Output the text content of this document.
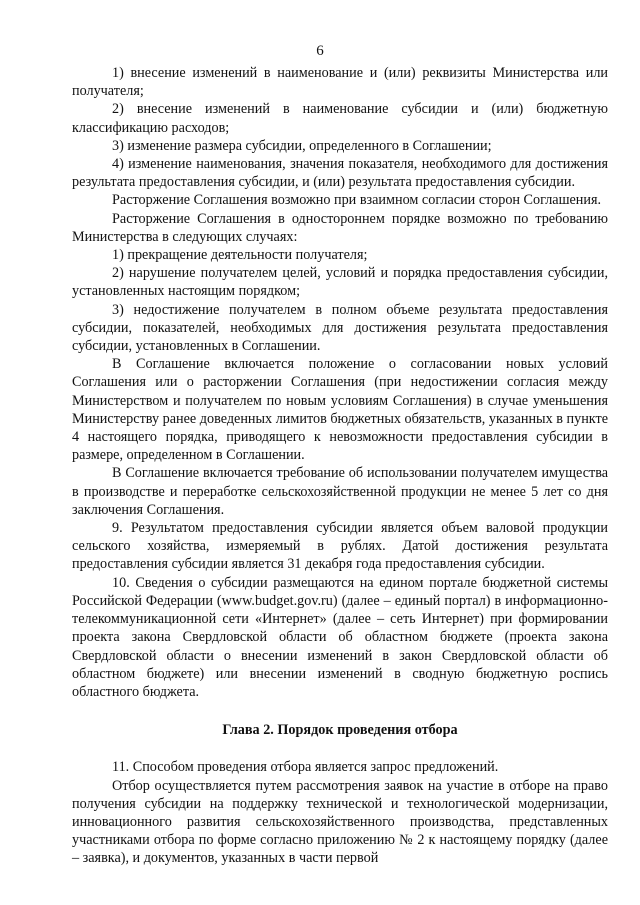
6

1) внесение изменений в наименование и (или) реквизиты Министерства или получателя;

2) внесение изменений в наименование субсидии и (или) бюджетную классификацию расходов;

3) изменение размера субсидии, определенного в Соглашении;

4) изменение наименования, значения показателя, необходимого для достижения результата предоставления субсидии, и (или) результата предоставления субсидии.

Расторжение Соглашения возможно при взаимном согласии сторон Соглашения.

Расторжение Соглашения в одностороннем порядке возможно по требованию Министерства в следующих случаях:

1) прекращение деятельности получателя;

2) нарушение получателем целей, условий и порядка предоставления субсидии, установленных настоящим порядком;

3) недостижение получателем в полном объеме результата предоставления субсидии, показателей, необходимых для достижения результата предоставления субсидии, установленных в Соглашении.

В Соглашение включается положение о согласовании новых условий Соглашения или о расторжении Соглашения (при недостижении согласия между Министерством и получателем по новым условиям Соглашения) в случае уменьшения Министерству ранее доведенных лимитов бюджетных обязательств, указанных в пункте 4 настоящего порядка, приводящего к невозможности предоставления субсидии в размере, определенном в Соглашении.

В Соглашение включается требование об использовании получателем имущества в производстве и переработке сельскохозяйственной продукции не менее 5 лет со дня заключения Соглашения.

9. Результатом предоставления субсидии является объем валовой продукции сельского хозяйства, измеряемый в рублях. Датой достижения результата предоставления субсидии является 31 декабря года предоставления субсидии.

10. Сведения о субсидии размещаются на едином портале бюджетной системы Российской Федерации (www.budget.gov.ru) (далее – единый портал) в информационно-телекоммуникационной сети «Интернет» (далее – сеть Интернет) при формировании проекта закона Свердловской области об областном бюджете (проекта закона Свердловской области о внесении изменений в закон Свердловской области об областном бюджете) или внесении изменений в сводную бюджетную роспись областного бюджета.

Глава 2. Порядок проведения отбора

11. Способом проведения отбора является запрос предложений.

Отбор осуществляется путем рассмотрения заявок на участие в отборе на право получения субсидии на поддержку технической и технологической модернизации, инновационного развития сельскохозяйственного производства, представленных участниками отбора по форме согласно приложению № 2 к настоящему порядку (далее – заявка), и документов, указанных в части первой
